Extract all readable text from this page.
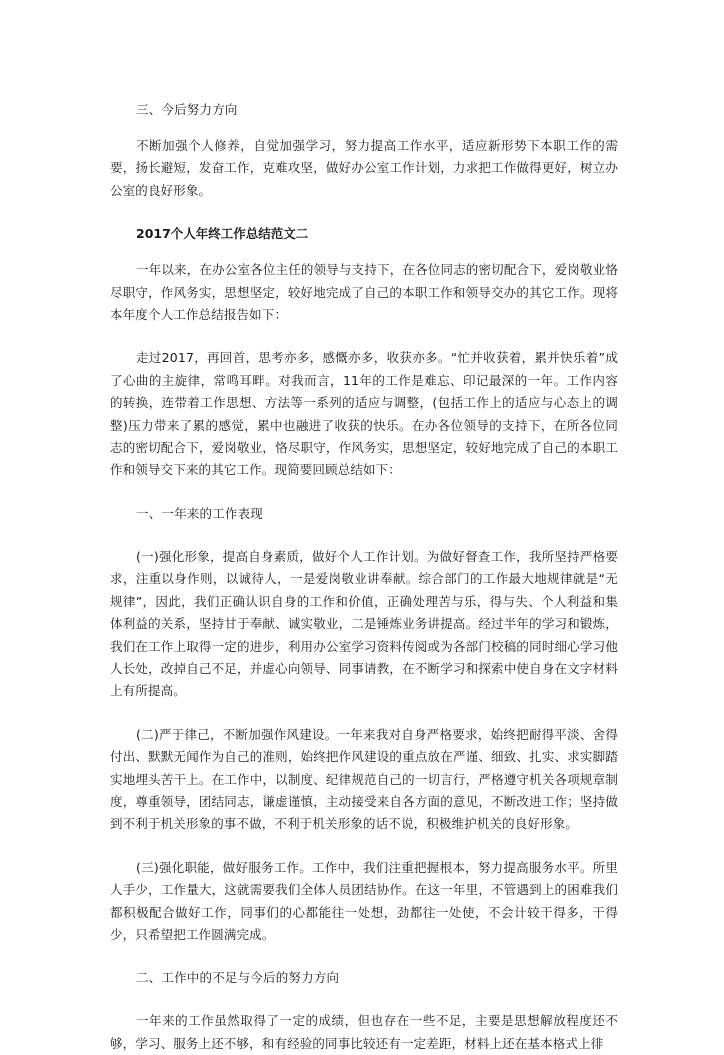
三、今后努力方向

不断加强个人修养，自觉加强学习，努力提高工作水平，适应新形势下本职工作的需要，扬长避短，发奋工作，克难攻坚，做好办公室工作计划，力求把工作做得更好，树立办公室的良好形象。

2017个人年终工作总结范文二

一年以来，在办公室各位主任的领导与支持下，在各位同志的密切配合下，爱岗敬业恪尽职守，作风务实，思想坚定，较好地完成了自己的本职工作和领导交办的其它工作。现将本年度个人工作总结报告如下：

走过2017，再回首，思考亦多，感慨亦多，收获亦多。“忙并收获着，累并快乐着”成了心曲的主旋律，常鸣耳畔。对我而言，11年的工作是难忘、印记最深的一年。工作内容的转换，连带着工作思想、方法等一系列的适应与调整，(包括工作上的适应与心态上的调整)压力带来了累的感觉，累中也融进了收获的快乐。在办各位领导的支持下，在所各位同志的密切配合下，爱岗敬业，恪尽职守，作风务实，思想坚定，较好地完成了自己的本职工作和领导交下来的其它工作。现简要回顾总结如下：

一、一年来的工作表现

(一)强化形象，提高自身素质，做好个人工作计划。为做好督查工作，我所坚持严格要求，注重以身作则，以诚待人，一是爱岗敬业讲奉献。综合部门的工作最大地规律就是“无规律”，因此，我们正确认识自身的工作和价值，正确处理苦与乐，得与失、个人利益和集体利益的关系，坚持甘于奉献、诚实敬业，二是锤炼业务讲提高。经过半年的学习和锻炼，我们在工作上取得一定的进步，利用办公室学习资料传阅或为各部门校稿的同时细心学习他人长处，改掉自己不足，并虚心向领导、同事请教，在不断学习和探索中使自身在文字材料上有所提高。

(二)严于律己，不断加强作风建设。一年来我对自身严格要求，始终把耐得平淡、舍得付出、默默无闻作为自己的准则，始终把作风建设的重点放在严谨、细致、扎实、求实脚踏实地埋头苦干上。在工作中，以制度、纪律规范自己的一切言行，严格遵守机关各项规章制度，尊重领导，团结同志，谦虚谨慎，主动接受来自各方面的意见，不断改进工作；坚持做到不利于机关形象的事不做，不利于机关形象的话不说，积极维护机关的良好形象。

(三)强化职能，做好服务工作。工作中，我们注重把握根本，努力提高服务水平。所里人手少，工作量大，这就需要我们全体人员团结协作。在这一年里，不管遇到上的困难我们都积极配合做好工作，同事们的心都能往一处想，劲都往一处使，不会计较干得多，干得少，只希望把工作圆满完成。

二、工作中的不足与今后的努力方向

一年来的工作虽然取得了一定的成绩，但也存在一些不足，主要是思想解放程度还不够，学习、服务上还不够，和有经验的同事比较还有一定差距，材料上还在基本格式上徘
